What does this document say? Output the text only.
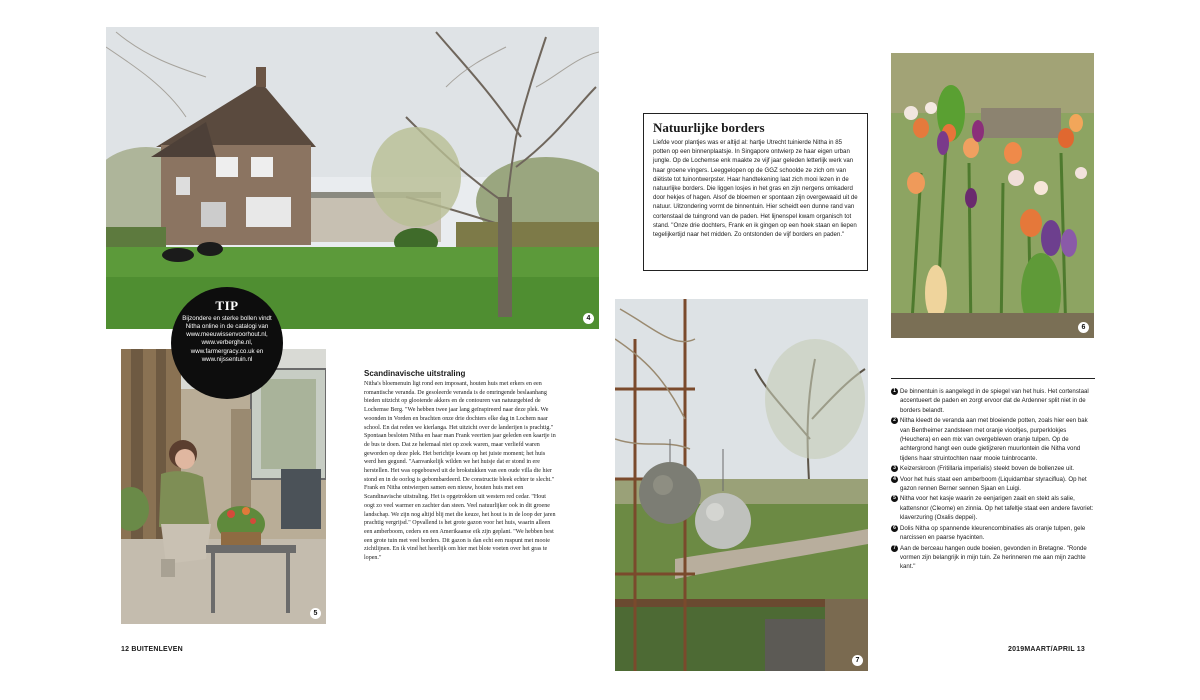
4
TIP
Bijzondere en sterke bollen vindt Nitha online in de catalogi van
www.meeuwissenvoorhout.nl,
www.verberghe.nl,
www.farmergracy.co.uk en
www.nijssentuin.nl
5
Scandinavische uitstraling

Nitha's bloemenuin ligt rond een imposant, houten huis met erkers en een romantische veranda. De gesoleerde veranda is de omringende beslaanhang bieden uitzicht op glooiende akkers en de contouren van natuurgebied de Lochemse Berg. "We hebben twee jaar lang geïnspireerd naar deze plek. We woonden in Vorden en brachten onze drie dochters elke dag in Lochem naar school. En dat reden we kierlanga. Het uitzicht over de landerijen is prachtig." Spontaan besloten Nitha en haar man Frank veertien jaar geleden een kaartje in de bus te doen. Dat ze helemaal niet op zoek waren, maar verliefd waren geworden op deze plek. Het berichtje kwam op het juiste moment; het huis werd hen gegund. "Aanvankelijk wilden we het huisje dat er stond in ere herstellen. Het was opgebouwd uit de brokstukken van een oude villa die hier stond en in de oorlog is gebombardeerd. De constructie bleek echter te slecht." Frank en Nitha ontwierpen samen een nieuw, houten huis met een Scandinavische uitstraling. Het is opgetrokken uit western red cedar. "Hout oogt zo veel warmer en zachter dan steen. Veel natuurlijker ook in dit groene landschap. We zijn nog altijd blij met die keuze, het hout is in de loop der jaren prachtig vergrijsd." Opvallend is het grote gazon voor het huis, waarin alleen een amberboom, ceders en een Amerikaanse eik zijn geplant. "We hebben best een grote tuin met veel borders. Dit gazon is dan echt een ruspunt met mooie zichtlijnen. En ik vind het heerlijk om hier met blote voeten over het gras te lopen."

Natuurlijke borders

Liefde voor plantjes was er altijd al: hartje Utrecht tuinierde Nitha in 85 potten op een binnenplaatsje. In Singapore ontwierp ze haar eigen urban jungle. Op de Lochemse enk maakte ze vijf jaar geleden letterlijk werk van haar groene vingers. Leeggelopen op de GGZ schoolde ze zich om van diëtiste tot tuinontwerpster. Haar handtekening laat zich mooi lezen in de natuurlijke borders. Die liggen losjes in het gras en zijn nergens omkaderd door hekjes of hagen. Alsof de bloemen er spontaan zijn overgewaaid uit de natuur. Uitzondering vormt de binnentuin. Hier scheidt een dunne rand van cortenstaal de tuingrond van de paden. Het lijnenspel kwam organisch tot stand. "Onze drie dochters, Frank en ik gingen op een hoek staan en liepen tegelijkertijd naar het midden. Zo ontstonden de vijf borders en paden."

7
6
1 De binnentuin is aangelegd in de spiegel van het huis. Het cortenstaal accentueert de paden en zorgt ervoor dat de Ardenner split niet in de borders belandt.
2 Nitha kleedt de veranda aan met bloeiende potten, zoals hier een bak van Bentheimer zandsteen met oranje viooltjes, purperklokjes (Heuchera) en een mix van overgebleven oranje tulpen. Op de achtergrond hangt een oude gietijzeren muurlontein die Nitha vond tijdens haar struintochten naar mooie tuinbrocante.
3 Keizerskroon (Fritillaria imperialis) steekt boven de bollenzee uit.
4 Voor het huis staat een amberboom (Liquidambar styraciflua). Op het gazon rennen Berner sennen Sjaan en Luigi.
5 Nitha voor het kasje waarin ze eenjarigen zaait en stekt als salie, kattensnor (Cleome) en zinnia. Op het tafeltje staat een andere favoriet: klaverzuring (Oxalis deppei).
6 Dolis Nitha op spannende kleurencombinaties als oranje tulpen, gele narcissen en paarse hyacinten.
7 Aan de berceau hangen oude boeien, gevonden in Bretagne. "Ronde vormen zijn belangrijk in mijn tuin. Ze herinneren me aan mijn zachte kant."
12 BUITENLEVEN	2019MAART/APRIL 13
